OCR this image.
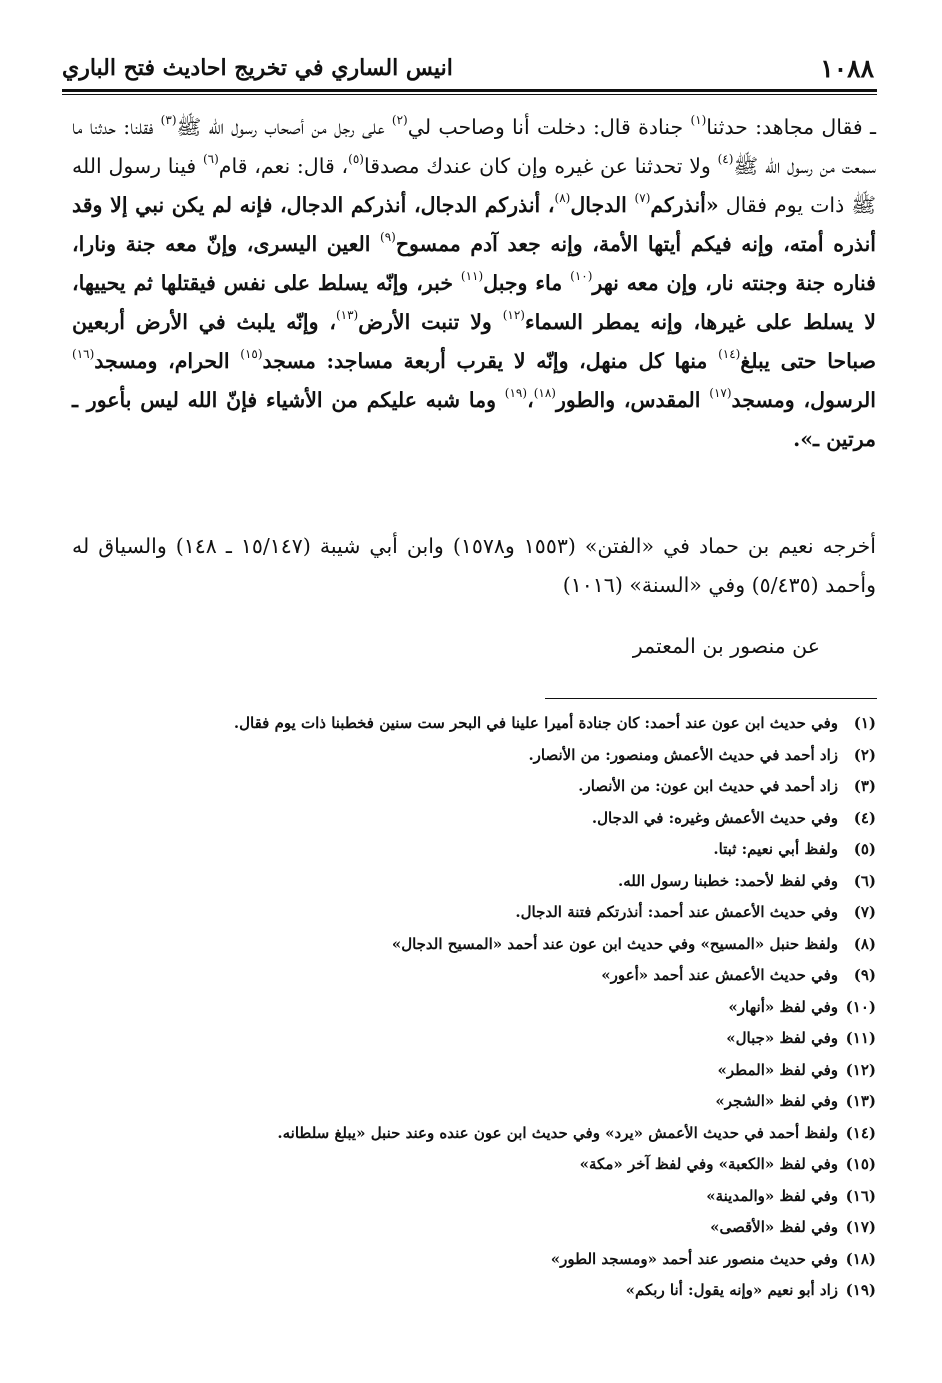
١٠٨٨
انيس الساري في تخريج احاديث فتح الباري
ـ فقال مجاهد: حدثنا$^{(١)}$ جنادة قال: دخلت أنا وصاحب لي$^{(٢)}$ على رجل من أصحاب رسول الله ﷺ$^{(٣)}$ فقلنا: حدثنا ما سمعت من رسول الله ﷺ$^{(٤)}$ ولا تحدثنا عن غيره وإن كان عندك مصدقا$^{(٥)}$، قال: نعم، قام$^{(٦)}$ فينا رسول الله ﷺ ذات يوم فقال «أنذركم$^{(٧)}$ الدجال$^{(٨)}$، أنذركم الدجال، أنذركم الدجال، فإنه لم يكن نبي إلا وقد أنذره أمته، وإنه فيكم أيتها الأمة، وإنه جعد آدم ممسوح$^{(٩)}$ العين اليسرى، وإنّ معه جنة ونارا، فناره جنة وجنته نار، وإن معه نهر$^{(١٠)}$ ماء وجبل$^{(١١)}$ خبر، وإنّه يسلط على نفس فيقتلها ثم يحييها، لا يسلط على غيرها، وإنه يمطر السماء$^{(١٢)}$ ولا تنبت الأرض$^{(١٣)}$، وإنّه يلبث في الأرض أربعين صباحا حتى يبلغ$^{(١٤)}$ منها كل منهل، وإنّه لا يقرب أربعة مساجد: مسجد$^{(١٥)}$ الحرام، ومسجد$^{(١٦)}$ الرسول، ومسجد$^{(١٧)}$ المقدس، والطور$^{(١٨)}$،$^{(١٩)}$ وما شبه عليكم من الأشياء فإنّ الله ليس بأعور ـ مرتين ـ».
أخرجه نعيم بن حماد في «الفتن» (١٥٥٣ و١٥٧٨) وابن أبي شيبة (١٥/١٤٧ ـ ١٤٨) والسياق له وأحمد (٥/٤٣٥) وفي «السنة» (١٠١٦)
عن منصور بن المعتمر
(١)
وفي حديث ابن عون عند أحمد: كان جنادة أميرا علينا في البحر ست سنين فخطبنا ذات يوم فقال.
(٢)
زاد أحمد في حديث الأعمش ومنصور: من الأنصار.
(٣)
زاد أحمد في حديث ابن عون: من الأنصار.
(٤)
وفي حديث الأعمش وغيره: في الدجال.
(٥)
ولفظ أبي نعيم: ثبتا.
(٦)
وفي لفظ لأحمد: خطبنا رسول الله.
(٧)
وفي حديث الأعمش عند أحمد: أنذرتكم فتنة الدجال.
(٨)
ولفظ حنبل «المسيح» وفي حديث ابن عون عند أحمد «المسيح الدجال»
(٩)
وفي حديث الأعمش عند أحمد «أعور»
(١٠)
وفي لفظ «أنهار»
(١١)
وفي لفظ «جبال»
(١٢)
وفي لفظ «المطر»
(١٣)
وفي لفظ «الشجر»
(١٤)
ولفظ أحمد في حديث الأعمش «يرد» وفي حديث ابن عون عنده وعند حنبل «يبلغ سلطانه.
(١٥)
وفي لفظ «الكعبة» وفي لفظ آخر «مكة»
(١٦)
وفي لفظ «والمدينة»
(١٧)
وفي لفظ «الأقصى»
(١٨)
وفي حديث منصور عند أحمد «ومسجد الطور»
(١٩)
زاد أبو نعيم «وإنه يقول: أنا ربكم»
